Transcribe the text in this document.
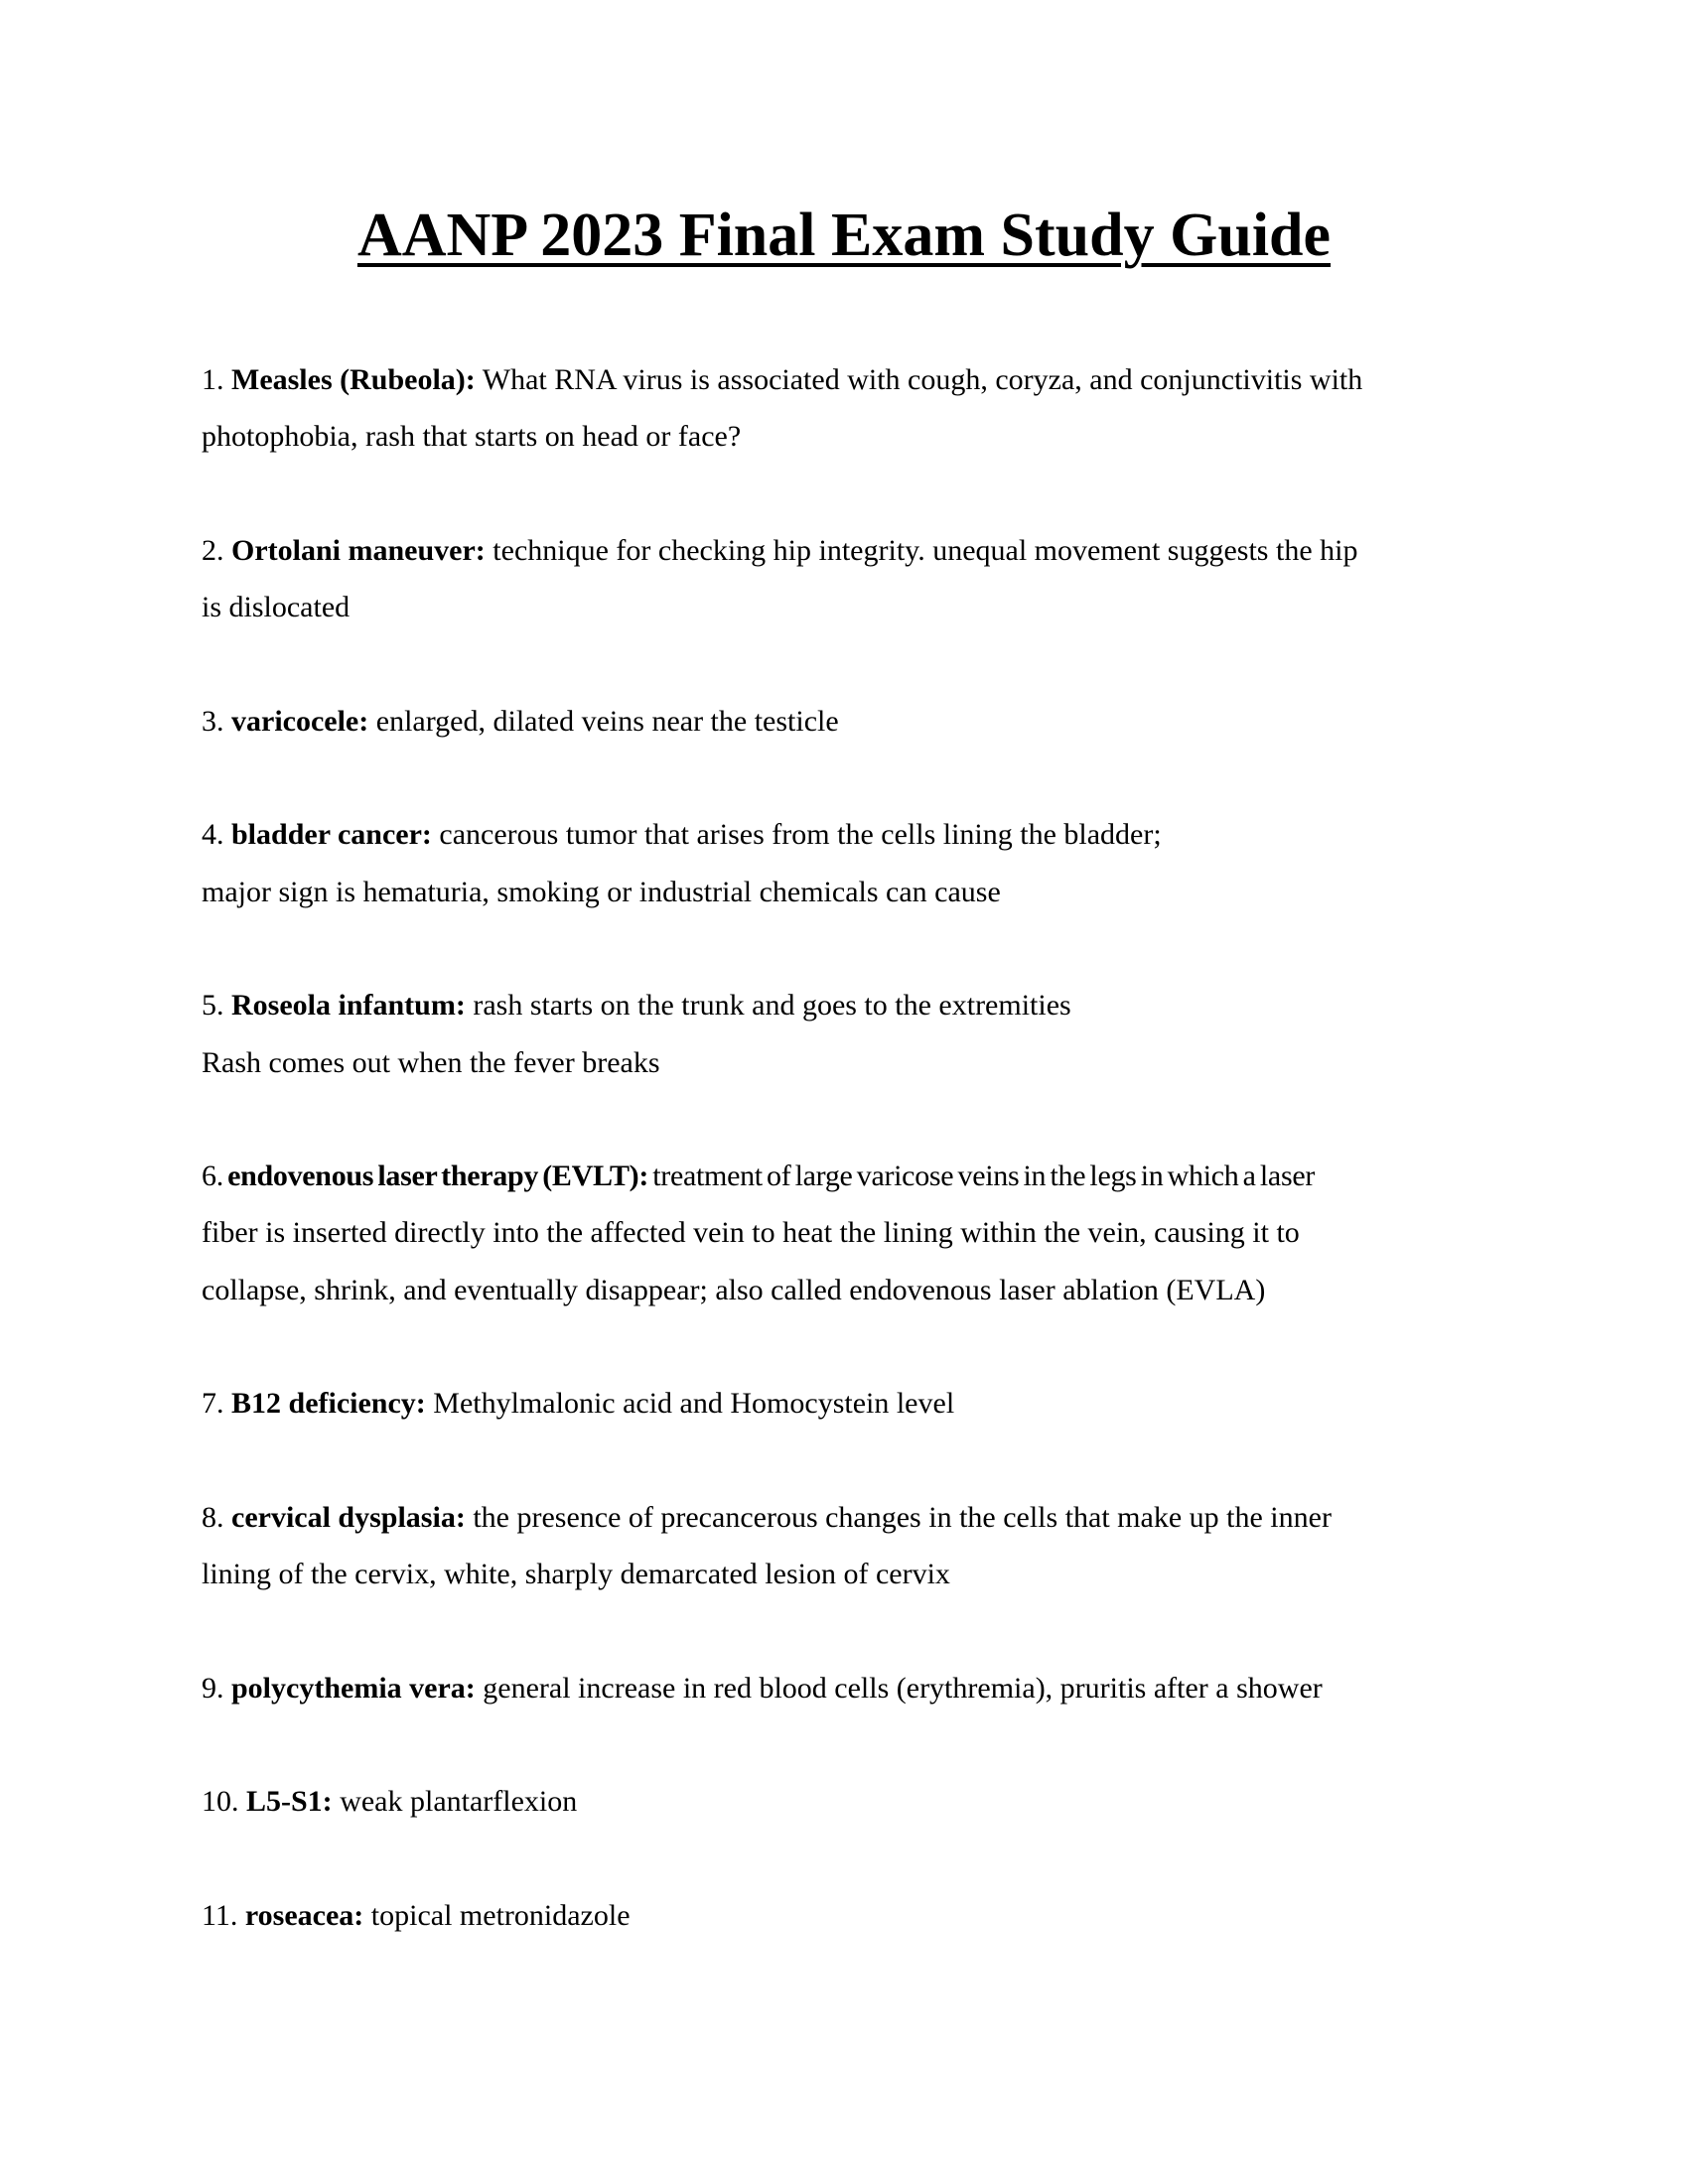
AANP 2023 Final Exam Study Guide
1. Measles (Rubeola): What RNA virus is associated with cough, coryza, and conjunctivitis with
photophobia, rash that starts on head or face?
2. Ortolani maneuver: technique for checking hip integrity. unequal movement suggests the hip
is dislocated
3. varicocele: enlarged, dilated veins near the testicle
4. bladder cancer: cancerous tumor that arises from the cells lining the bladder;
major sign is hematuria, smoking or industrial chemicals can cause
5. Roseola infantum: rash starts on the trunk and goes to the extremities
Rash comes out when the fever breaks
6. endovenous laser therapy (EVLT): treatment of large varicose veins in the legs in which a laser
fiber is inserted directly into the affected vein to heat the lining within the vein, causing it to
collapse, shrink, and eventually disappear; also called endovenous laser ablation (EVLA)
7. B12 deficiency: Methylmalonic acid and Homocystein level
8. cervical dysplasia: the presence of precancerous changes in the cells that make up the inner
lining of the cervix, white, sharply demarcated lesion of cervix
9. polycythemia vera: general increase in red blood cells (erythremia), pruritis after a shower
10. L5-S1: weak plantarflexion
11. roseacea: topical metronidazole
